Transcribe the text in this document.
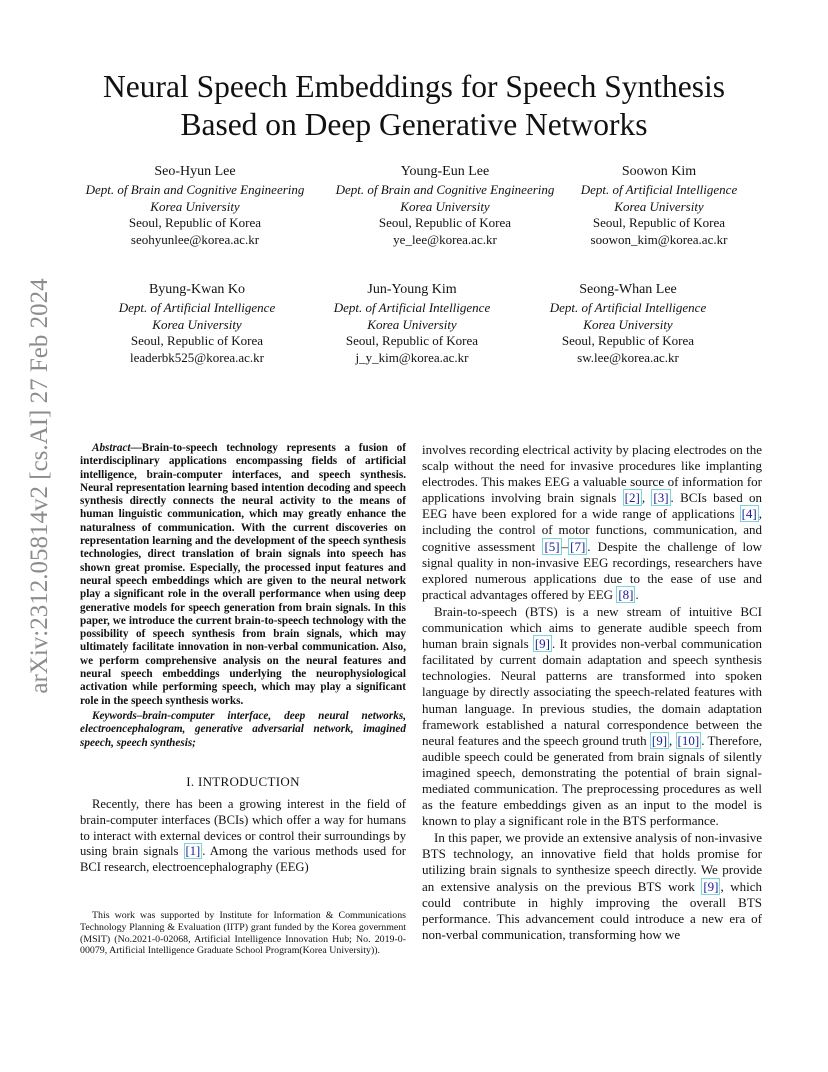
Neural Speech Embeddings for Speech Synthesis
Based on Deep Generative Networks
arXiv:2312.05814v2 [cs.AI] 27 Feb 2024
Seo-Hyun Lee
Dept. of Brain and Cognitive Engineering
Korea University
Seoul, Republic of Korea
seohyunlee@korea.ac.kr
Young-Eun Lee
Dept. of Brain and Cognitive Engineering
Korea University
Seoul, Republic of Korea
ye_lee@korea.ac.kr
Soowon Kim
Dept. of Artificial Intelligence
Korea University
Seoul, Republic of Korea
soowon_kim@korea.ac.kr
Byung-Kwan Ko
Dept. of Artificial Intelligence
Korea University
Seoul, Republic of Korea
leaderbk525@korea.ac.kr
Jun-Young Kim
Dept. of Artificial Intelligence
Korea University
Seoul, Republic of Korea
j_y_kim@korea.ac.kr
Seong-Whan Lee
Dept. of Artificial Intelligence
Korea University
Seoul, Republic of Korea
sw.lee@korea.ac.kr

Abstract—Brain-to-speech technology represents a fusion of interdisciplinary applications encompassing fields of artificial intelligence, brain-computer interfaces, and speech synthesis. Neural representation learning based intention decoding and speech synthesis directly connects the neural activity to the means of human linguistic communication, which may greatly enhance the naturalness of communication. With the current discoveries on representation learning and the development of the speech synthesis technologies, direct translation of brain signals into speech has shown great promise. Especially, the processed input features and neural speech embeddings which are given to the neural network play a significant role in the overall performance when using deep generative models for speech generation from brain signals. In this paper, we introduce the current brain-to-speech technology with the possibility of speech synthesis from brain signals, which may ultimately facilitate innovation in non-verbal communication. Also, we perform comprehensive analysis on the neural features and neural speech embeddings underlying the neurophysiological activation while performing speech, which may play a significant role in the speech synthesis works.

Keywords–brain-computer interface, deep neural networks, electroencephalogram, generative adversarial network, imagined speech, speech synthesis;

I. INTRODUCTION

Recently, there has been a growing interest in the field of brain-computer interfaces (BCIs) which offer a way for humans to interact with external devices or control their surroundings by using brain signals [1] . Among the various methods used for BCI research, electroencephalography (EEG)

This work was supported by Institute for Information & Communications Technology Planning & Evaluation (IITP) grant funded by the Korea government (MSIT) (No.2021-0-02068, Artificial Intelligence Innovation Hub; No. 2019-0-00079, Artificial Intelligence Graduate School Program(Korea University)).

involves recording electrical activity by placing electrodes on the scalp without the need for invasive procedures like implanting electrodes. This makes EEG a valuable source of information for applications involving brain signals [2] , [3] . BCIs based on EEG have been explored for a wide range of applications [4] , including the control of motor functions, communication, and cognitive assessment [5] – [7] . Despite the challenge of low signal quality in non-invasive EEG recordings, researchers have explored numerous applications due to the ease of use and practical advantages offered by EEG [8] .

Brain-to-speech (BTS) is a new stream of intuitive BCI communication which aims to generate audible speech from human brain signals [9] . It provides non-verbal communication facilitated by current domain adaptation and speech synthesis technologies. Neural patterns are transformed into spoken language by directly associating the speech-related features with human language. In previous studies, the domain adaptation framework established a natural correspondence between the neural features and the speech ground truth [9] , [10] . Therefore, audible speech could be generated from brain signals of silently imagined speech, demonstrating the potential of brain signal-mediated communication. The preprocessing procedures as well as the feature embeddings given as an input to the model is known to play a significant role in the BTS performance.

In this paper, we provide an extensive analysis of non-invasive BTS technology, an innovative field that holds promise for utilizing brain signals to synthesize speech directly. We provide an extensive analysis on the previous BTS work [9] , which could contribute in highly improving the overall BTS performance. This advancement could introduce a new era of non-verbal communication, transforming how we
